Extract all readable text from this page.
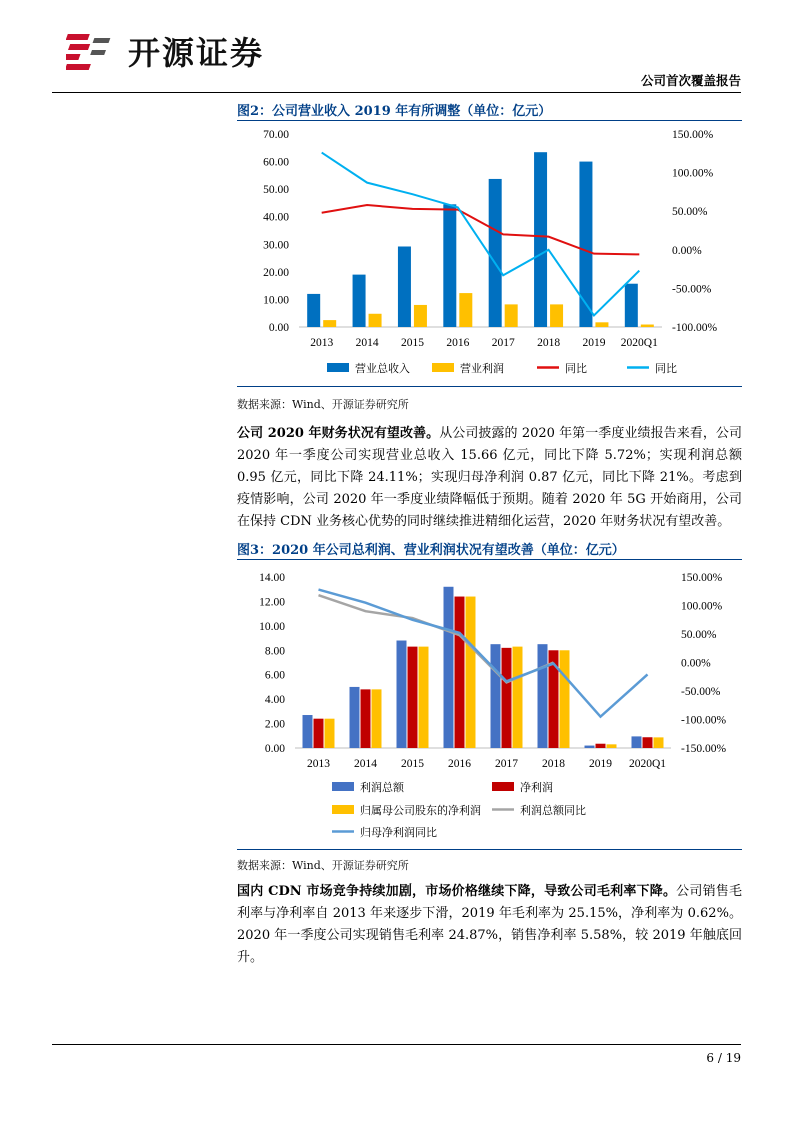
开源证券
公司首次覆盖报告
图2：公司营业收入 2019 年有所调整（单位：亿元）
70.00
60.00
50.00
40.00
30.00
20.00
10.00
0.00
150.00%
100.00%
50.00%
0.00%
-50.00%
-100.00%
2013 2014 2015 2016 2017 2018 2019 2020Q1
营业总收入	营业利润	同比	同比
数据来源：Wind、开源证券研究所
公司 2020 年财务状况有望改善。从公司披露的 2020 年第一季度业绩报告来看，公司 2020 年一季度公司实现营业总收入 15.66 亿元，同比下降 5.72%；实现利润总额 0.95 亿元，同比下降 24.11%；实现归母净利润 0.87 亿元，同比下降 21%。考虑到疫情影响，公司 2020 年一季度业绩降幅低于预期。随着 2020 年 5G 开始商用，公司在保持 CDN 业务核心优势的同时继续推进精细化运营，2020 年财务状况有望改善。
图3：2020 年公司总利润、营业利润状况有望改善（单位：亿元）
14.00
12.00
10.00
8.00
6.00
4.00
2.00
0.00
150.00%
100.00%
50.00%
0.00%
-50.00%
-100.00%
-150.00%
2013 2014 2015 2016 2017 2018 2019 2020Q1
利润总额	净利润
归属母公司股东的净利润	利润总额同比
归母净利润同比
数据来源：Wind、开源证券研究所
国内 CDN 市场竞争持续加剧，市场价格继续下降，导致公司毛利率下降。公司销售毛利率与净利率自 2013 年来逐步下滑，2019 年毛利率为 25.15%，净利率为 0.62%。2020 年一季度公司实现销售毛利率 24.87%，销售净利率 5.58%，较 2019 年触底回升。
6 / 19
